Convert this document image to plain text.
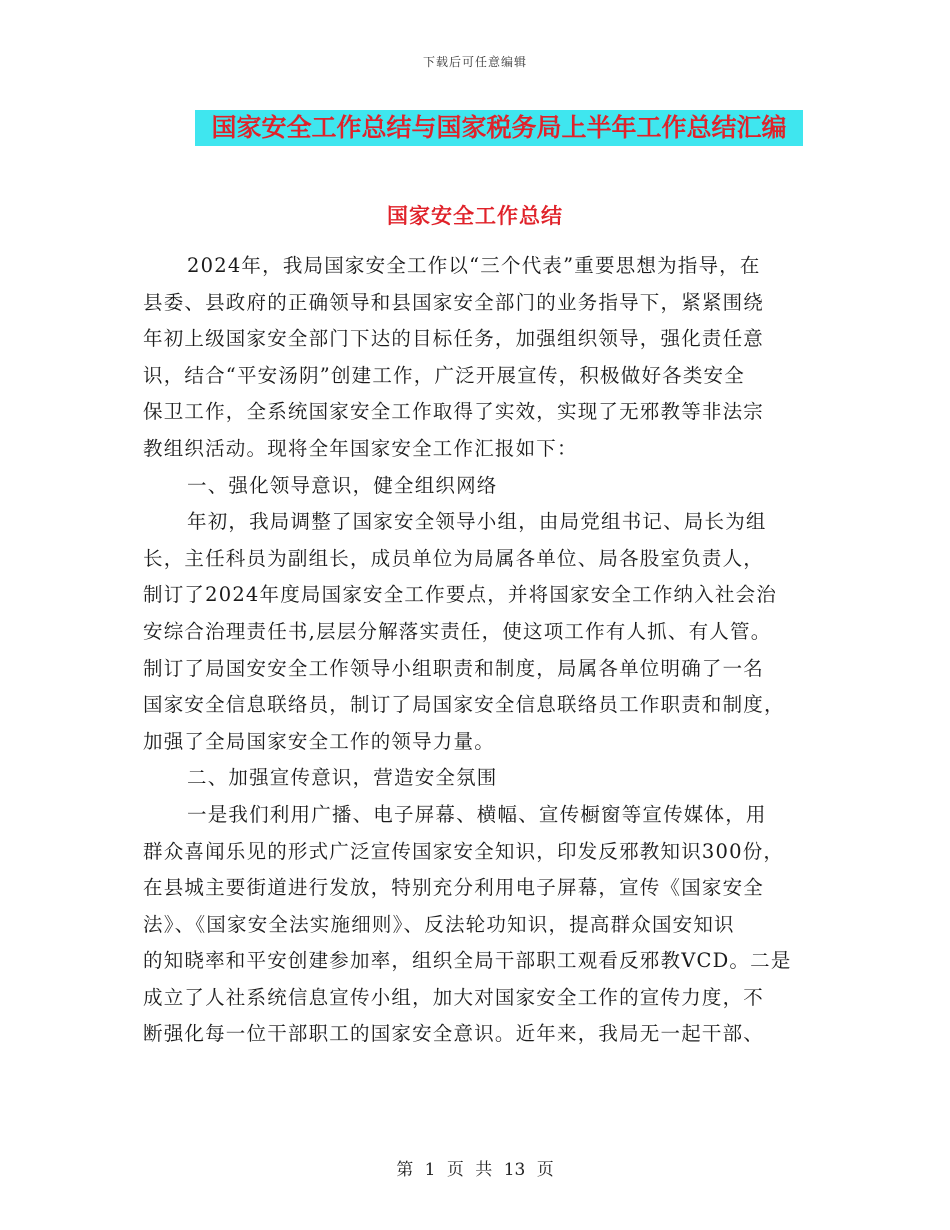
下载后可任意编辑
国家安全工作总结与国家税务局上半年工作总结汇编
国家安全工作总结
2024年，我局国家安全工作以“三个代表”重要思想为指导，在
县委、县政府的正确领导和县国家安全部门的业务指导下，紧紧围绕
年初上级国家安全部门下达的目标任务，加强组织领导，强化责任意
识，结合“平安汤阴”创建工作，广泛开展宣传，积极做好各类安全
保卫工作，全系统国家安全工作取得了实效，实现了无邪教等非法宗
教组织活动。现将全年国家安全工作汇报如下：
一、强化领导意识，健全组织网络
年初，我局调整了国家安全领导小组，由局党组书记、局长为组
长，主任科员为副组长，成员单位为局属各单位、局各股室负责人，
制订了2024年度局国家安全工作要点，并将国家安全工作纳入社会治
安综合治理责任书,层层分解落实责任，使这项工作有人抓、有人管。
制订了局国安安全工作领导小组职责和制度，局属各单位明确了一名
国家安全信息联络员，制订了局国家安全信息联络员工作职责和制度，
加强了全局国家安全工作的领导力量。
二、加强宣传意识，营造安全氛围
一是我们利用广播、电子屏幕、横幅、宣传橱窗等宣传媒体，用
群众喜闻乐见的形式广泛宣传国家安全知识，印发反邪教知识300份，
在县城主要街道进行发放，特别充分利用电子屏幕，宣传《国家安全
法》、《国家安全法实施细则》、反法轮功知识，提高群众国安知识
的知晓率和平安创建参加率，组织全局干部职工观看反邪教VCD。二是
成立了人社系统信息宣传小组，加大对国家安全工作的宣传力度，不
断强化每一位干部职工的国家安全意识。近年来，我局无一起干部、
第 1 页 共 13 页
